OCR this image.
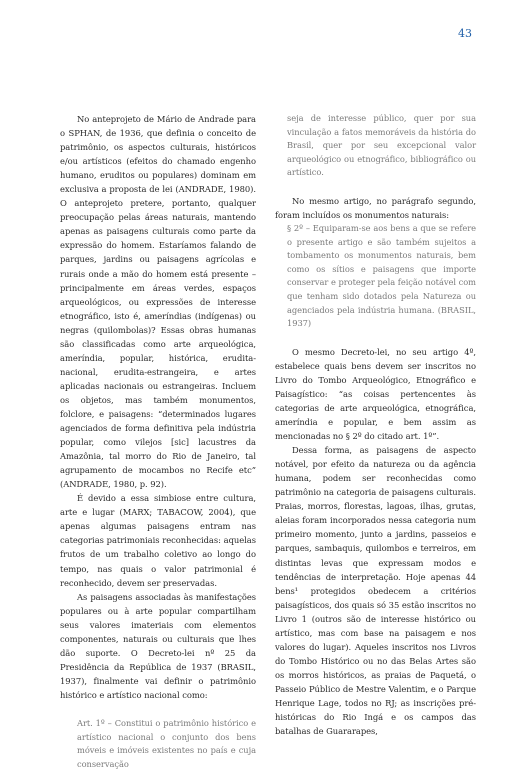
43

No anteprojeto de Mário de Andrade para o SPHAN, de 1936, que definia o conceito de patrimônio, os aspectos culturais, históricos e/ou artísticos (efeitos do chamado engenho humano, eruditos ou populares) dominam em exclusiva a proposta de lei (ANDRADE, 1980). O anteprojeto pretere, portanto, qualquer preocupação pelas áreas naturais, mantendo apenas as paisagens culturais como parte da expressão do homem. Estaríamos falando de parques, jardins ou paisagens agrícolas e rurais onde a mão do homem está presente – principalmente em áreas verdes, espaços arqueológicos, ou expressões de interesse etnográfico, isto é, ameríndias (indígenas) ou negras (quilombolas)? Essas obras humanas são classificadas como arte arqueológica, ameríndia, popular, histórica, erudita-nacional, erudita-estrangeira, e artes aplicadas nacionais ou estrangeiras. Incluem os objetos, mas também monumentos, folclore, e paisagens: “determinados lugares agenciados de forma definitiva pela indústria popular, como vilejos [sic] lacustres da Amazônia, tal morro do Rio de Janeiro, tal agrupamento de mocambos no Recife etc” (ANDRADE, 1980, p. 92).

É devido a essa simbiose entre cultura, arte e lugar (MARX; TABACOW, 2004), que apenas algumas paisagens entram nas categorias patrimoniais reconhecidas: aquelas frutos de um trabalho coletivo ao longo do tempo, nas quais o valor patrimonial é reconhecido, devem ser preservadas.

As paisagens associadas às manifestações populares ou à arte popular compartilham seus valores imateriais com elementos componentes, naturais ou culturais que lhes dão suporte. O Decreto-lei nº 25 da Presidência da República de 1937 (BRASIL, 1937), finalmente vai definir o patrimônio histórico e artístico nacional como:

Art. 1º – Constitui o patrimônio histórico e artístico nacional o conjunto dos bens móveis e imóveis existentes no país e cuja conservação

seja de interesse público, quer por sua vinculação a fatos memoráveis da história do Brasil, quer por seu excepcional valor arqueológico ou etnográfico, bibliográfico ou artístico.

No mesmo artigo, no parágrafo segundo, foram incluídos os monumentos naturais:

§ 2º – Equiparam-se aos bens a que se refere o presente artigo e são também sujeitos a tombamento os monumentos naturais, bem como os sítios e paisagens que importe conservar e proteger pela feição notável com que tenham sido dotados pela Natureza ou agenciados pela indústria humana. (BRASIL, 1937)

O mesmo Decreto-lei, no seu artigo 4º, estabelece quais bens devem ser inscritos no Livro do Tombo Arqueológico, Etnográfico e Paisagístico: “as coisas pertencentes às categorias de arte arqueológica, etnográfica, ameríndia e popular, e bem assim as mencionadas no § 2º do citado art. 1º”.

Dessa forma, as paisagens de aspecto notável, por efeito da natureza ou da agência humana, podem ser reconhecidas como patrimônio na categoria de paisagens culturais. Praias, morros, florestas, lagoas, ilhas, grutas, aleias foram incorporados nessa categoria num primeiro momento, junto a jardins, passeios e parques, sambaquis, quilombos e terreiros, em distintas levas que expressam modos e tendências de interpretação. Hoje apenas 44 bens¹ protegidos obedecem a critérios paisagísticos, dos quais só 35 estão inscritos no Livro 1 (outros são de interesse histórico ou artístico, mas com base na paisagem e nos valores do lugar). Aqueles inscritos nos Livros do Tombo Histórico ou no das Belas Artes são os morros históricos, as praias de Paquetá, o Passeio Público de Mestre Valentim, e o Parque Henrique Lage, todos no RJ; as inscrições pré-históricas do Rio Ingá e os campos das batalhas de Guararapes,
